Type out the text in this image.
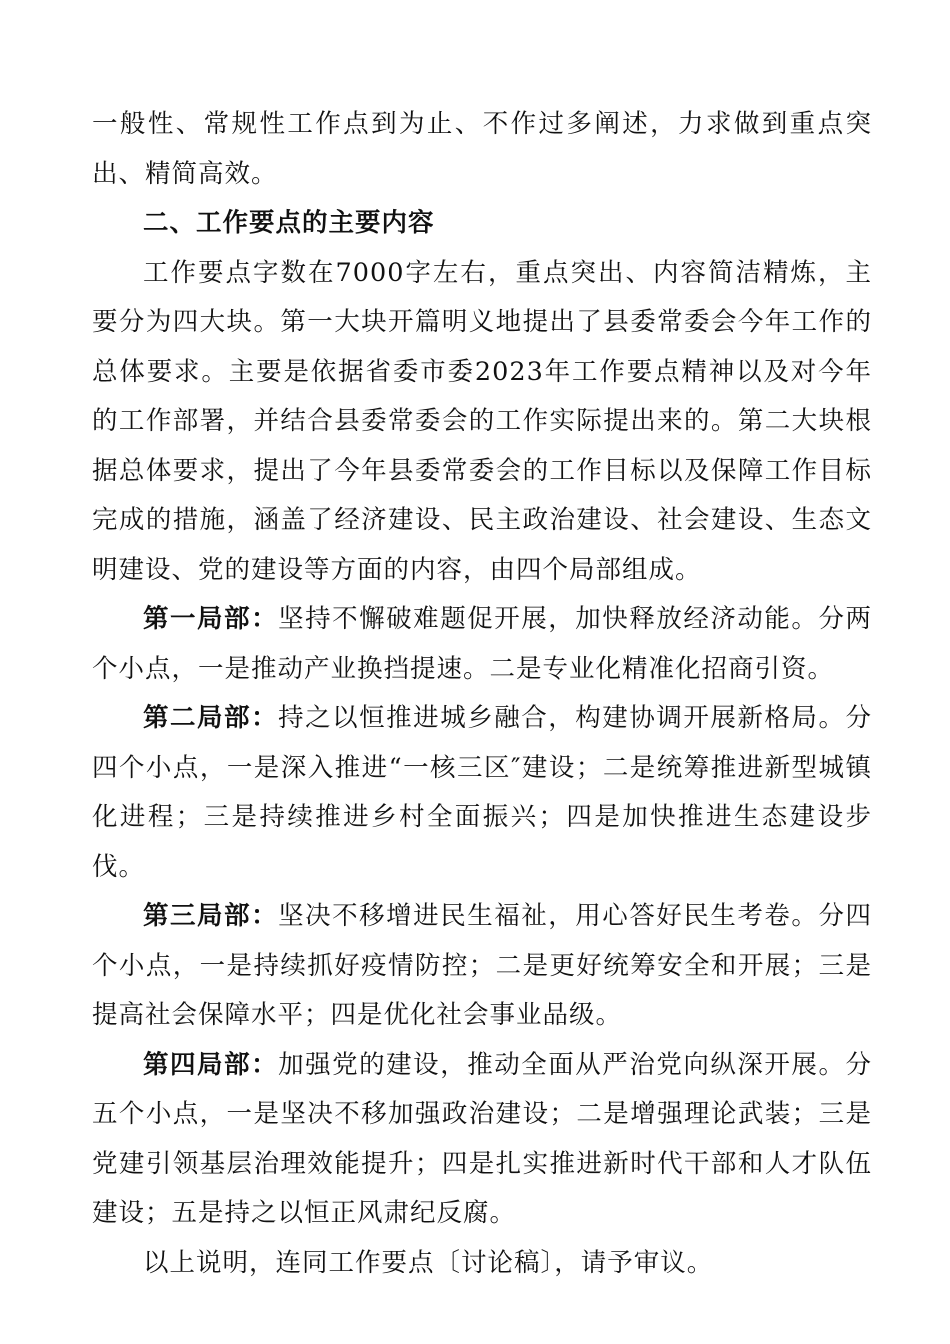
一般性、常规性工作点到为止、不作过多阐述，力求做到重点突出、精简高效。

二、工作要点的主要内容

工作要点字数在7000字左右，重点突出、内容简洁精炼，主要分为四大块。第一大块开篇明义地提出了县委常委会今年工作的总体要求。主要是依据省委市委2023年工作要点精神以及对今年的工作部署，并结合县委常委会的工作实际提出来的。第二大块根据总体要求，提出了今年县委常委会的工作目标以及保障工作目标完成的措施，涵盖了经济建设、民主政治建设、社会建设、生态文明建设、党的建设等方面的内容，由四个局部组成。

第一局部：坚持不懈破难题促开展，加快释放经济动能。分两个小点，一是推动产业换挡提速。二是专业化精准化招商引资。

第二局部：持之以恒推进城乡融合，构建协调开展新格局。分四个小点，一是深入推进“一核三区″建设；二是统筹推进新型城镇化进程；三是持续推进乡村全面振兴；四是加快推进生态建设步伐。

第三局部：坚决不移增进民生福祉，用心答好民生考卷。分四个小点，一是持续抓好疫情防控；二是更好统筹安全和开展；三是提高社会保障水平；四是优化社会事业品级。

第四局部：加强党的建设，推动全面从严治党向纵深开展。分五个小点，一是坚决不移加强政治建设；二是增强理论武装；三是党建引领基层治理效能提升；四是扎实推进新时代干部和人才队伍建设；五是持之以恒正风肃纪反腐。

以上说明，连同工作要点〔讨论稿〕，请予审议。
